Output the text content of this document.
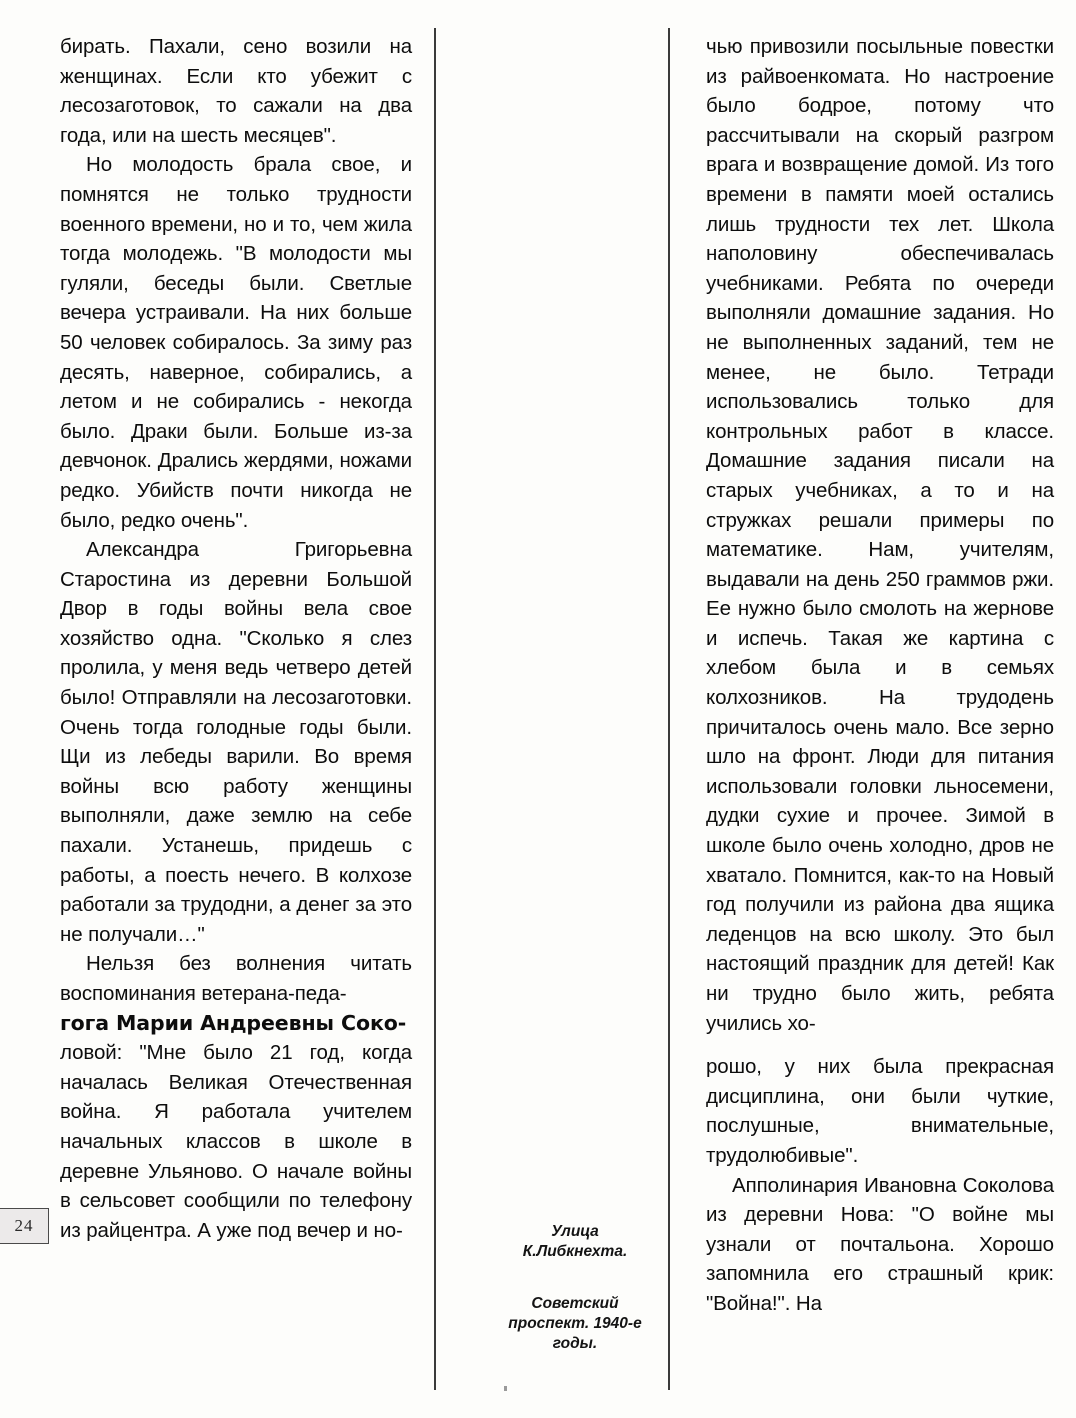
24

бирать. Пахали, сено возили на женщинах. Если кто убежит с лесозаготовок, то сажали на два года, или на шесть месяцев".

Но молодость брала свое, и помнятся не только трудности военного времени, но и то, чем жила тогда молодежь. "В молодости мы гуляли, беседы были. Светлые вечера устраивали. На них больше 50 человек собиралось. За зиму раз десять, наверное, собирались, а летом и не собирались - некогда было. Драки были. Больше из-за девчонок. Дрались жердями, ножами редко. Убийств почти никогда не было, редко очень".

Александра Григорьевна Старостина из деревни Большой Двор в годы войны вела свое хозяйство одна. "Сколько я слез пролила, у меня ведь четверо детей было! Отправляли на лесозаготовки. Очень тогда голодные годы были. Щи из лебеды варили. Во время войны всю работу женщины выполняли, даже землю на себе пахали. Устанешь, придешь с работы, а поесть нечего. В колхозе работали за трудодни, а денег за это не получали…"

Нельзя без волнения читать воспоминания ветерана-педа-

гога Марии Андреевны Соко-

ловой: "Мне было 21 год, когда началась Великая Отечественная война. Я работала учителем начальных классов в школе в деревне Ульяново. О начале войны в сельсовет сообщили по телефону из райцентра. А уже под вечер и но-	Улица К.Либкнехта.
Советский проспект. 1940-е годы.

чью привозили посыльные повестки из райвоенкомата. Но настроение было бодрое, потому что рассчитывали на скорый разгром врага и возвращение домой. Из того времени в памяти моей остались лишь трудности тех лет. Школа наполовину обеспечивалась учебниками. Ребята по очереди выполняли домашние задания. Но не выполненных заданий, тем не менее, не было. Тетради использовались только для контрольных работ в классе. Домашние задания писали на старых учебниках, а то и на стружках решали примеры по математике. Нам, учителям, выдавали на день 250 граммов ржи. Ее нужно было смолоть на жернове и испечь. Такая же картина с хлебом была и в семьях колхозников. На трудодень причиталось очень мало. Все зерно шло на фронт. Люди для питания использовали головки льносемени, дудки сухие и прочее. Зимой в школе было очень холодно, дров не хватало. Помнится, как-то на Новый год получили из района два ящика леденцов на всю школу. Это был настоящий праздник для детей! Как ни трудно было жить, ребята учились хо-

рошо, у них была прекрасная дисциплина, они были чуткие, послушные, внимательные, трудолюбивые".

Апполинария Ивановна Соколова из деревни Нова: "О войне мы узнали от почтальона. Хорошо запомнила его страшный крик: "Война!". На
